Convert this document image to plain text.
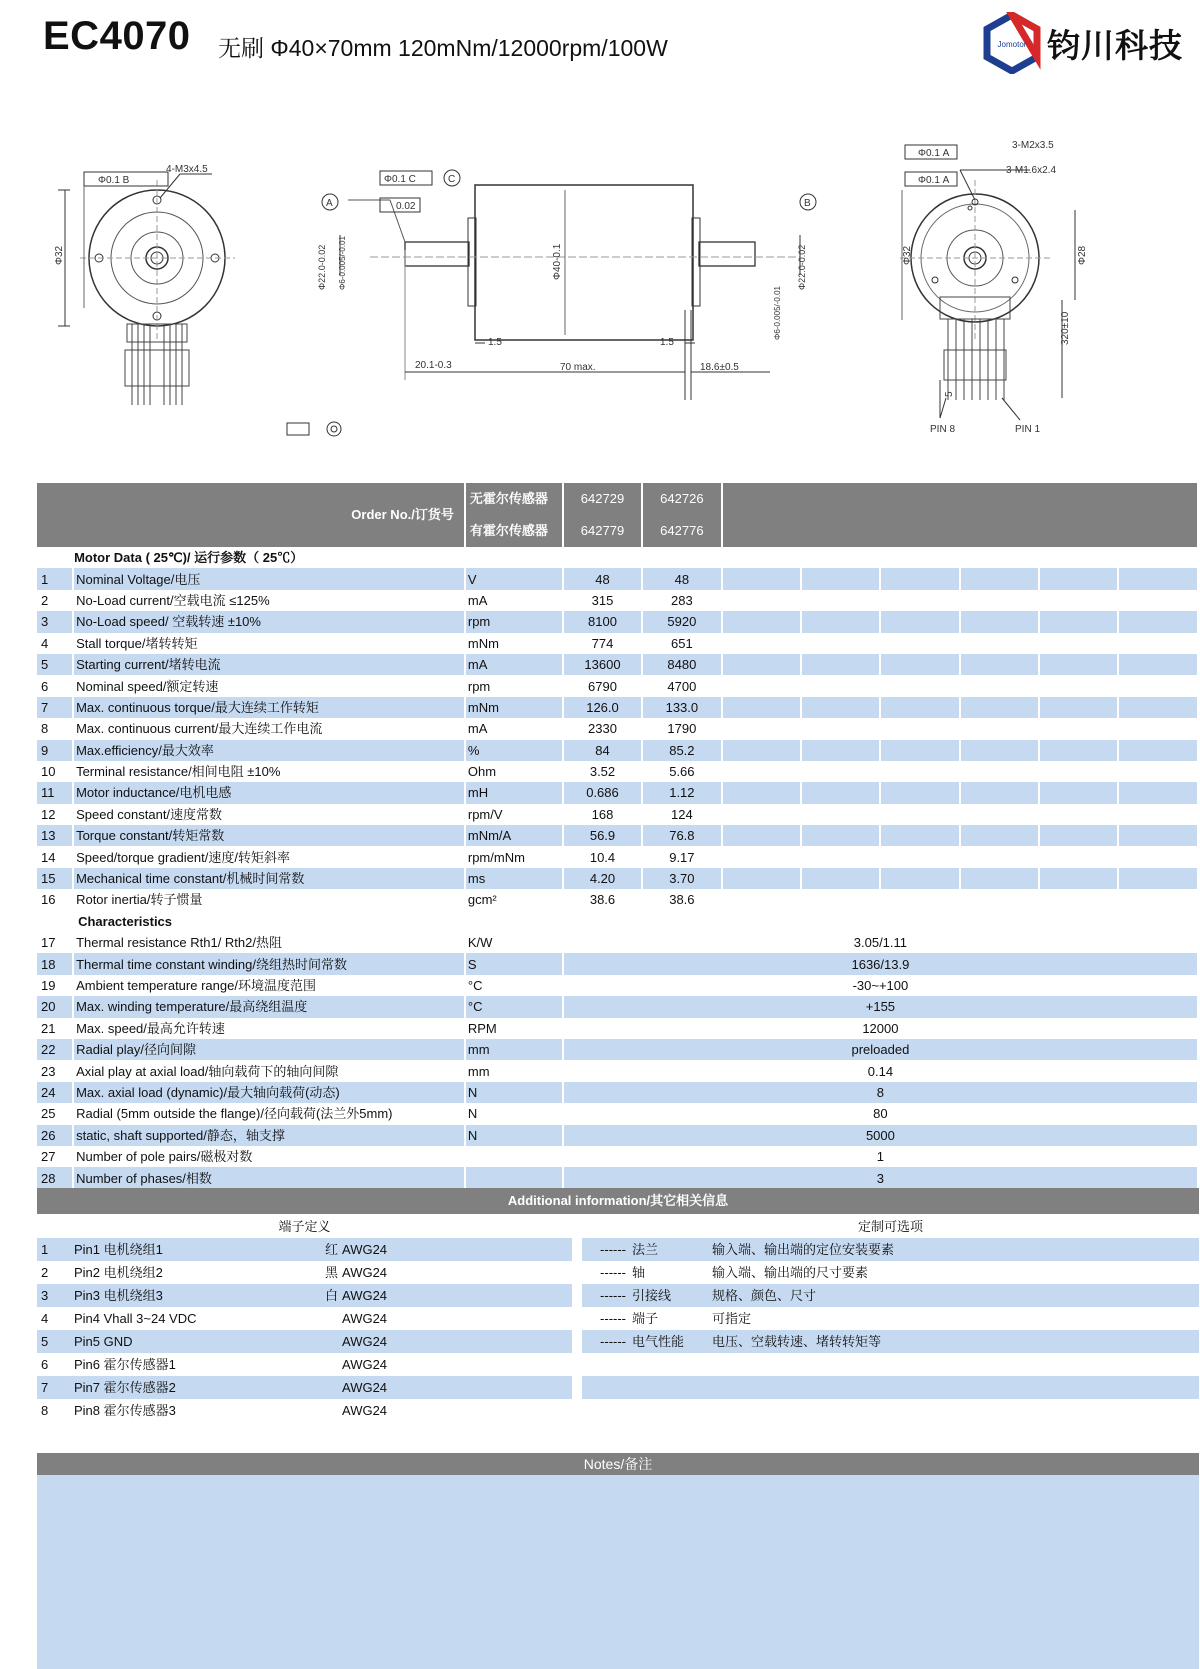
EC4070 无刷 Φ40×70mm 120mNm/12000rpm/100W	Jomotor 钧川科技
Φ0.1 B
4-M3x4.5
Φ32
A
C
Φ0.1 C
0.02
Φ22.0-0.02 Φ6-0.005/-0.01	Φ40-0.1
B
Φ22.0-0.02
Φ6-0.005/-0.01
1.5	1.5
20.1-0.3	70 max.	18.6±0.5
Φ0.1 A
Φ0.1 A
3-M2x3.5
3-M1.6x2.4
Φ32	Φ28
320±10
5
PIN 8	PIN 1
Order No./订货号		无霍尔传感器	642729	642726						
		有霍尔传感器	642779	642776						
	Motor Data ( 25℃)/ 运行参数（ 25℃）									
1	Nominal Voltage/电压	V	48	48						
2	No-Load current/空载电流 ≤125%	mA	315	283						
3	No-Load speed/ 空载转速 ±10%	rpm	8100	5920						
4	Stall torque/堵转转矩	mNm	774	651						
5	Starting current/堵转电流	mA	13600	8480						
6	Nominal speed/额定转速	rpm	6790	4700						
7	Max. continuous torque/最大连续工作转矩	mNm	126.0	133.0						
8	Max. continuous current/最大连续工作电流	mA	2330	1790						
9	Max.efficiency/最大效率	%	84	85.2						
10	Terminal resistance/相间电阻 ±10%	Ohm	3.52	5.66						
11	Motor inductance/电机电感	mH	0.686	1.12						
12	Speed constant/速度常数	rpm/V	168	124						
13	Torque constant/转矩常数	mNm/A	56.9	76.8						
14	Speed/torque gradient/速度/转矩斜率	rpm/mNm	10.4	9.17						
15	Mechanical time constant/机械时间常数	ms	4.20	3.70						
16	Rotor inertia/转子惯量	gcm²	38.6	38.6						
	Characteristics									
17	Thermal resistance Rth1/ Rth2/热阻	K/W	3.05/1.11							
18	Thermal time constant winding/绕组热时间常数	S	1636/13.9							
19	Ambient temperature range/环境温度范围	°C	-30~+100							
20	Max. winding temperature/最高绕组温度	°C	+155							
21	Max. speed/最高允许转速	RPM	12000							
22	Radial play/径向间隙	mm	preloaded							
23	Axial play at axial load/轴向载荷下的轴向间隙	mm	0.14							
24	Max. axial load (dynamic)/最大轴向载荷(动态)	N	8							
25	Radial (5mm outside the flange)/径向载荷(法兰外5mm)	N	80							
26	static, shaft supported/静态，轴支撑	N	5000							
27	Number of pole pairs/磁极对数		1							
28	Number of phases/相数		3							

Additional information/其它相关信息
端子定义					定制可选项		
1	Pin1 电机绕组1	红	AWG24		------	法兰	输入端、输出端的定位安装要素
2	Pin2 电机绕组2	黑	AWG24		------	轴	输入端、输出端的尺寸要素
3	Pin3 电机绕组3	白	AWG24		------	引接线	规格、颜色、尺寸
4	Pin4 Vhall 3~24 VDC		AWG24		------	端子	可指定
5	Pin5 GND		AWG24		------	电气性能	电压、空载转速、堵转转矩等
6	Pin6 霍尔传感器1		AWG24				
7	Pin7 霍尔传感器2		AWG24				
8	Pin8 霍尔传感器3		AWG24				
Notes/备注
